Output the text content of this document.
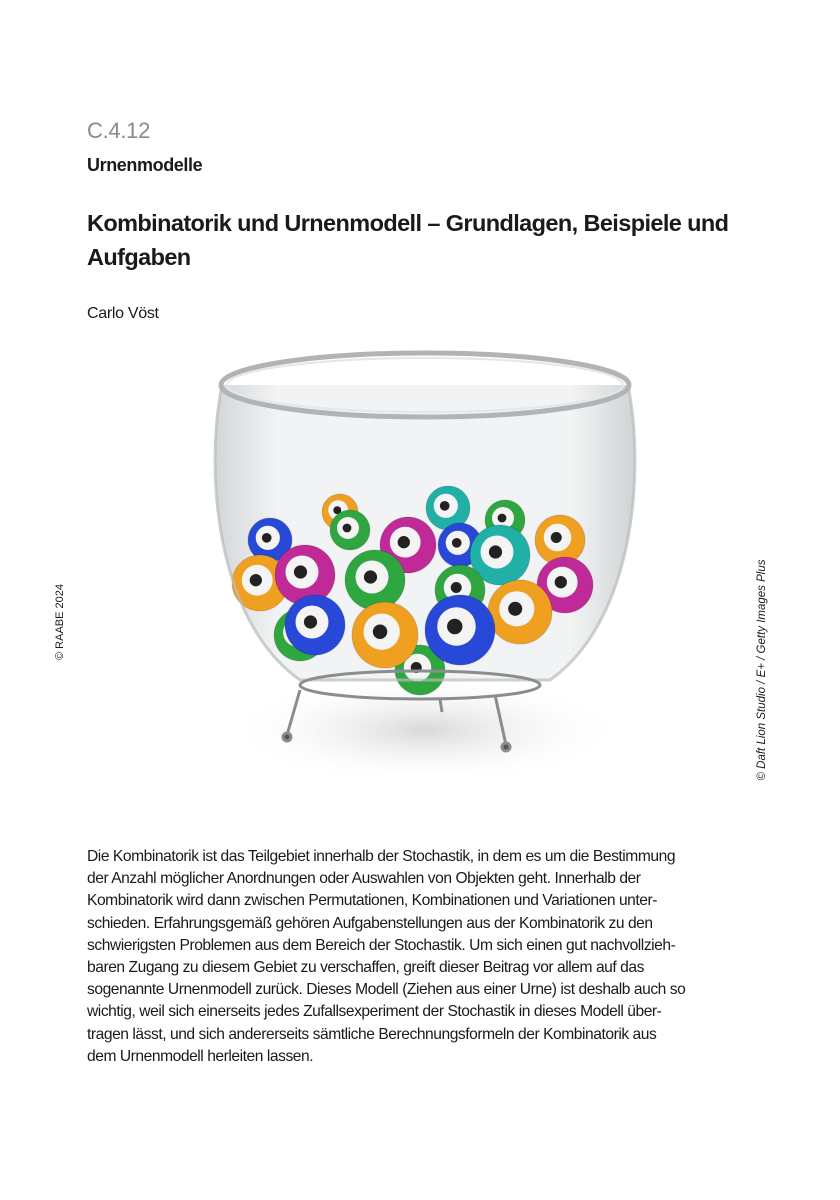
C.4.12
Urnenmodelle
Kombinatorik und Urnenmodell – Grundlagen, Beispiele und Aufgaben
Carlo Vöst
© RAABE 2024	© Daft Lion Studio / E+ / Getty Images Plus
Die Kombinatorik ist das Teilgebiet innerhalb der Stochastik, in dem es um die Bestimmung
der Anzahl möglicher Anordnungen oder Auswahlen von Objekten geht. Innerhalb der
Kombinatorik wird dann zwischen Permutationen, Kombinationen und Variationen unter-
schieden. Erfahrungsgemäß gehören Aufgabenstellungen aus der Kombinatorik zu den
schwierigsten Problemen aus dem Bereich der Stochastik. Um sich einen gut nachvollzieh-
baren Zugang zu diesem Gebiet zu verschaffen, greift dieser Beitrag vor allem auf das
sogenannte Urnenmodell zurück. Dieses Modell (Ziehen aus einer Urne) ist deshalb auch so
wichtig, weil sich einerseits jedes Zufallsexperiment der Stochastik in dieses Modell über-
tragen lässt, und sich andererseits sämtliche Berechnungsformeln der Kombinatorik aus
dem Urnenmodell herleiten lassen.
